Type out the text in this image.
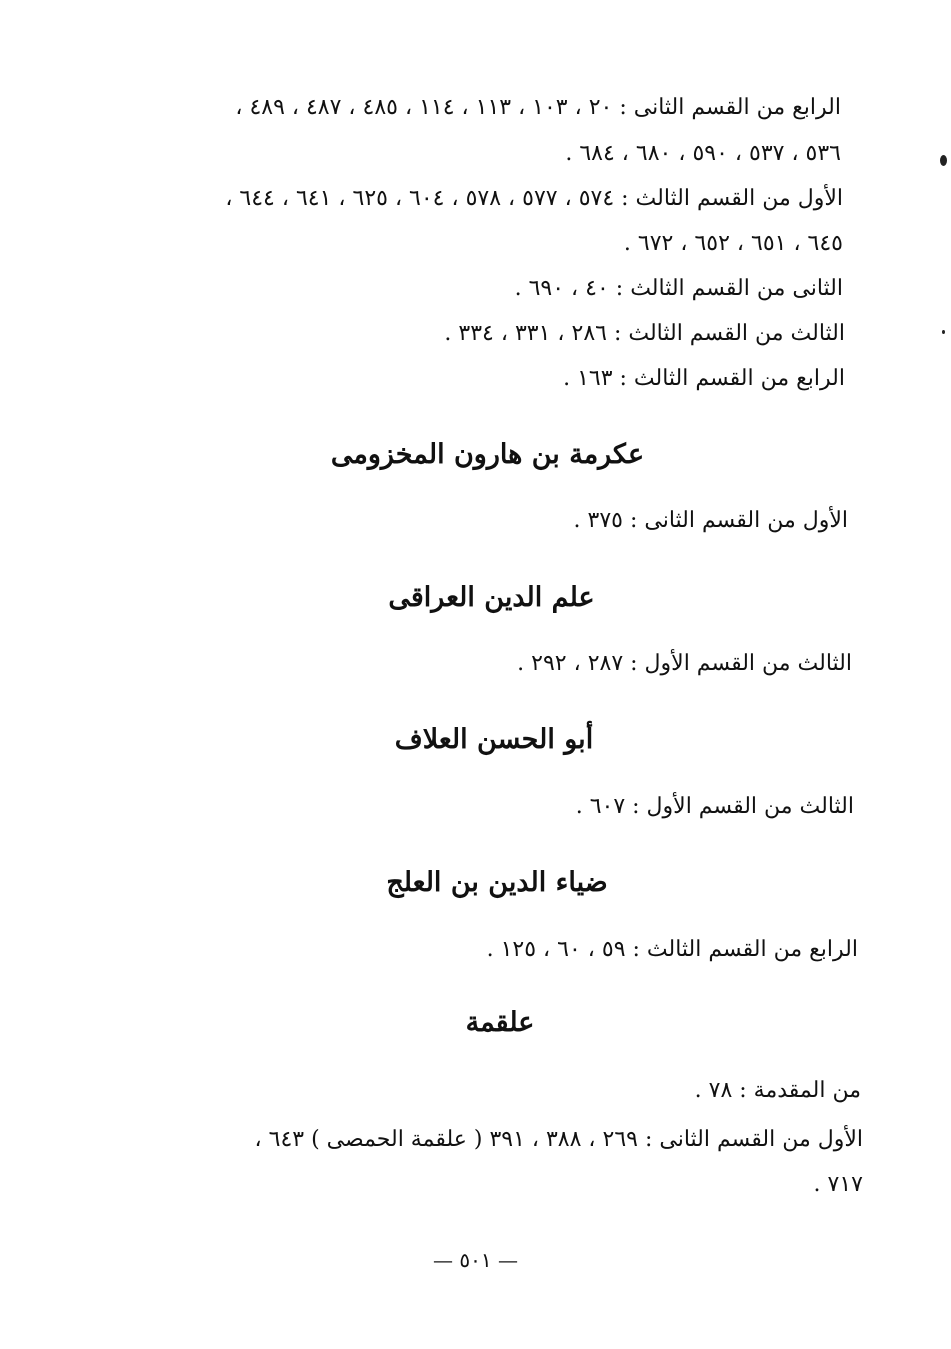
الرابع من القسم الثانى : ٢٠ ، ١٠٣ ، ١١٣ ، ١١٤ ، ٤٨٥ ، ٤٨٧ ، ٤٨٩ ،
٥٣٦ ، ٥٣٧ ، ٥٩٠ ، ٦٨٠ ، ٦٨٤ .
الأول من القسم الثالث : ٥٧٤ ، ٥٧٧ ، ٥٧٨ ، ٦٠٤ ، ٦٢٥ ، ٦٤١ ، ٦٤٤ ،
٦٤٥ ، ٦٥١ ، ٦٥٢ ، ٦٧٢ .
الثانى من القسم الثالث : ٤٠ ، ٦٩٠ .
الثالث من القسم الثالث : ٢٨٦ ، ٣٣١ ، ٣٣٤ .
الرابع من القسم الثالث : ١٦٣ .
عكرمة بن هارون المخزومى
الأول من القسم الثانى : ٣٧٥ .
علم الدين العراقى
الثالث من القسم الأول : ٢٨٧ ، ٢٩٢ .
أبو الحسن العلاف
الثالث من القسم الأول : ٦٠٧ .
ضياء الدين بن العلج
الرابع من القسم الثالث : ٥٩ ، ٦٠ ، ١٢٥ .
علقمة
من المقدمة : ٧٨ .
الأول من القسم الثانى : ٢٦٩ ، ٣٨٨ ، ٣٩١ ( علقمة الحمصى ) ٦٤٣ ،
٧١٧ .
— ٥٠١ —
